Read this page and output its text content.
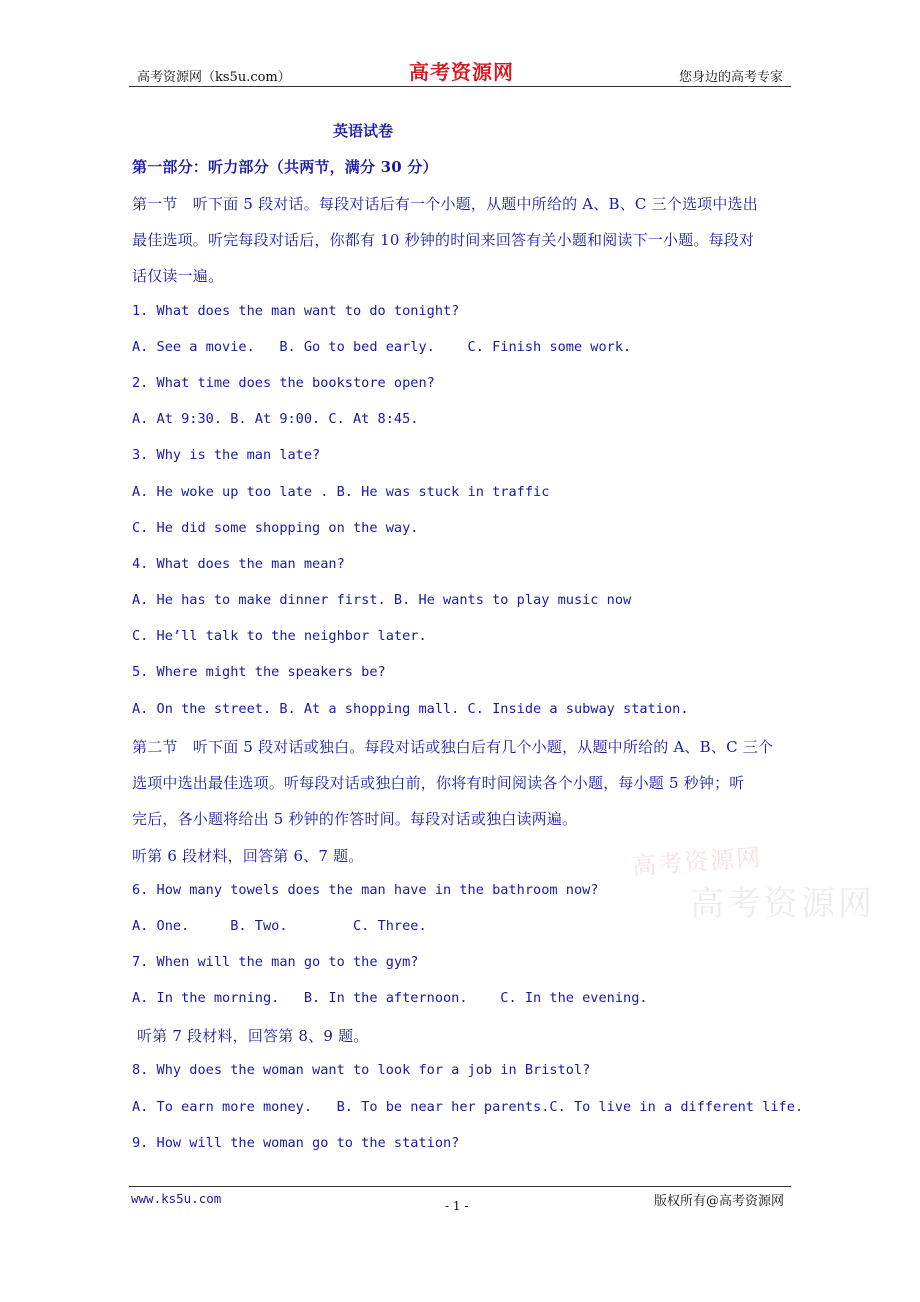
高考资源网（ks5u.com）	高考资源网	您身边的高考专家
英语试卷
第一部分：听力部分（共两节，满分 30 分）
第一节　听下面 5 段对话。每段对话后有一个小题，从题中所给的 A、B、C 三个选项中选出
最佳选项。听完每段对话后，你都有 10 秒钟的时间来回答有关小题和阅读下一小题。每段对
话仅读一遍。
1. What does the man want to do tonight?
A. See a movie.   B. Go to bed early.    C. Finish some work.
2. What time does the bookstore open?
A. At 9:30. B. At 9:00. C. At 8:45.
3. Why is the man late?
A. He woke up too late . B. He was stuck in traffic
C. He did some shopping on the way.
4. What does the man mean?
A. He has to make dinner first. B. He wants to play music now
C. He’ll talk to the neighbor later.
5. Where might the speakers be?
A. On the street. B. At a shopping mall. C. Inside a subway station.
第二节　听下面 5 段对话或独白。每段对话或独白后有几个小题，从题中所给的 A、B、C 三个
选项中选出最佳选项。听每段对话或独白前，你将有时间阅读各个小题，每小题 5 秒钟；听
完后，各小题将给出 5 秒钟的作答时间。每段对话或独白读两遍。
听第 6 段材料，回答第 6、7 题。
6. How many towels does the man have in the bathroom now?
A. One.     B. Two.        C. Three.
7. When will the man go to the gym?
A. In the morning.   B. In the afternoon.    C. In the evening.
听第 7 段材料，回答第 8、9 题。
8. Why does the woman want to look for a job in Bristol?
A. To earn more money.   B. To be near her parents.C. To live in a different life.
9. How will the woman go to the station?
高考资源网
高考资源网
www.ks5u.com	- 1 -	版权所有@高考资源网
